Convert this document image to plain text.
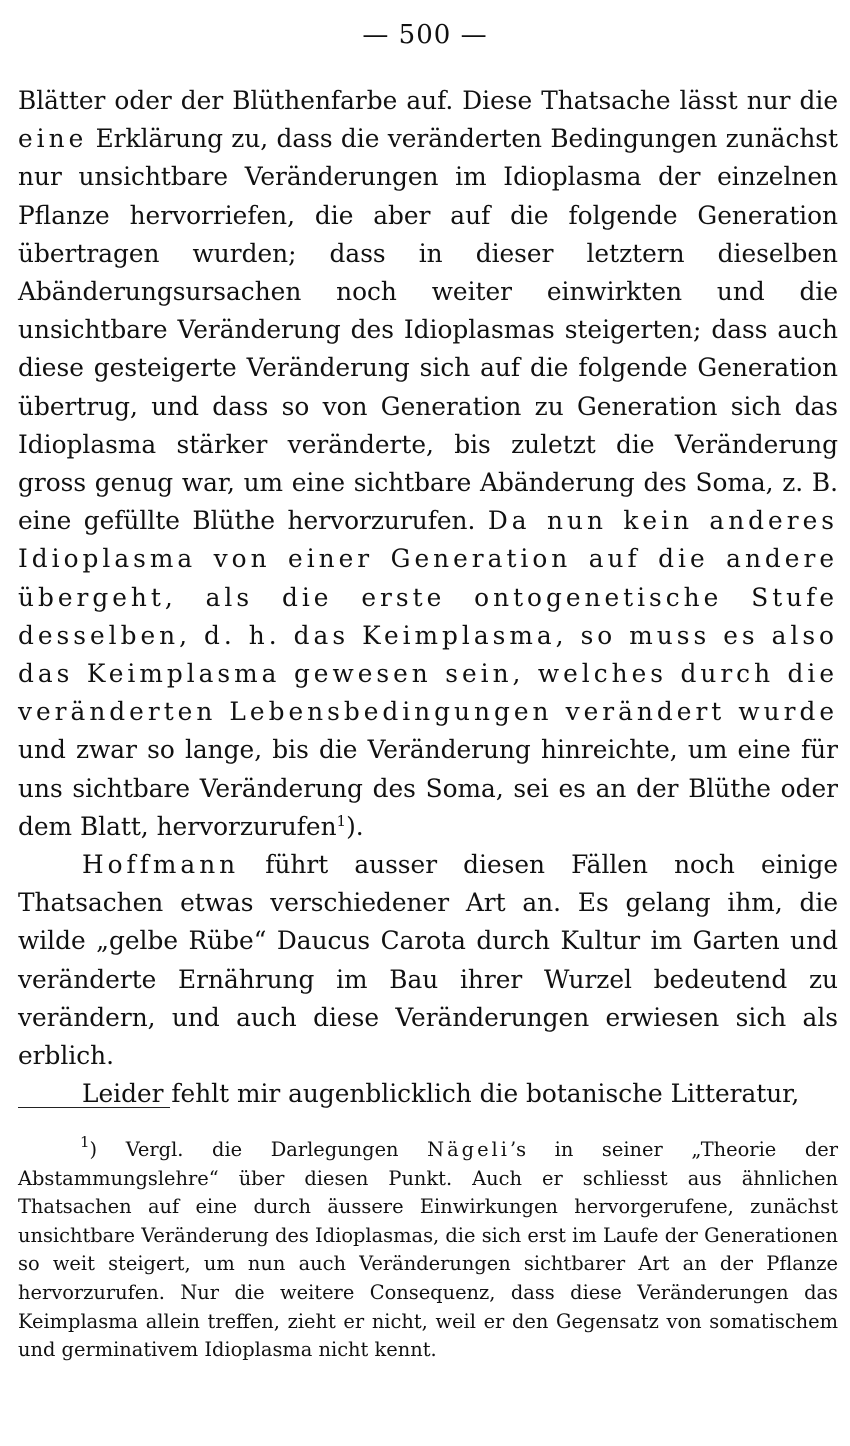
— 500 —

Blätter oder der Blüthenfarbe auf. Diese Thatsache lässt nur die eine Erklärung zu, dass die veränderten Bedingungen zunächst nur unsichtbare Veränderungen im Idioplasma der einzelnen Pflanze hervorriefen, die aber auf die folgende Generation übertragen wurden; dass in dieser letztern dieselben Abänderungsursachen noch weiter einwirkten und die unsichtbare Veränderung des Idioplasmas steigerten; dass auch diese gesteigerte Veränderung sich auf die folgende Generation übertrug, und dass so von Generation zu Generation sich das Idioplasma stärker veränderte, bis zuletzt die Veränderung gross genug war, um eine sichtbare Abänderung des Soma, z. B. eine gefüllte Blüthe hervorzurufen. Da nun kein anderes Idioplasma von einer Generation auf die andere übergeht, als die erste ontogenetische Stufe desselben, d. h. das Keimplasma, so muss es also das Keimplasma gewesen sein, welches durch die veränderten Lebensbedingungen verändert wurde und zwar so lange, bis die Veränderung hinreichte, um eine für uns sichtbare Veränderung des Soma, sei es an der Blüthe oder dem Blatt, hervorzurufen$^1$).

Hoffmann führt ausser diesen Fällen noch einige Thatsachen etwas verschiedener Art an. Es gelang ihm, die wilde „gelbe Rübe“ Daucus Carota durch Kultur im Garten und veränderte Ernährung im Bau ihrer Wurzel bedeutend zu verändern, und auch diese Veränderungen erwiesen sich als erblich.

Leider fehlt mir augenblicklich die botanische Litteratur,

$^1$) Vergl. die Darlegungen Nägeli’s in seiner „Theorie der Abstammungslehre“ über diesen Punkt. Auch er schliesst aus ähnlichen Thatsachen auf eine durch äussere Einwirkungen hervorgerufene, zunächst unsichtbare Veränderung des Idioplasmas, die sich erst im Laufe der Generationen so weit steigert, um nun auch Veränderungen sichtbarer Art an der Pflanze hervorzurufen. Nur die weitere Consequenz, dass diese Veränderungen das Keimplasma allein treffen, zieht er nicht, weil er den Gegensatz von somatischem und germinativem Idioplasma nicht kennt.
